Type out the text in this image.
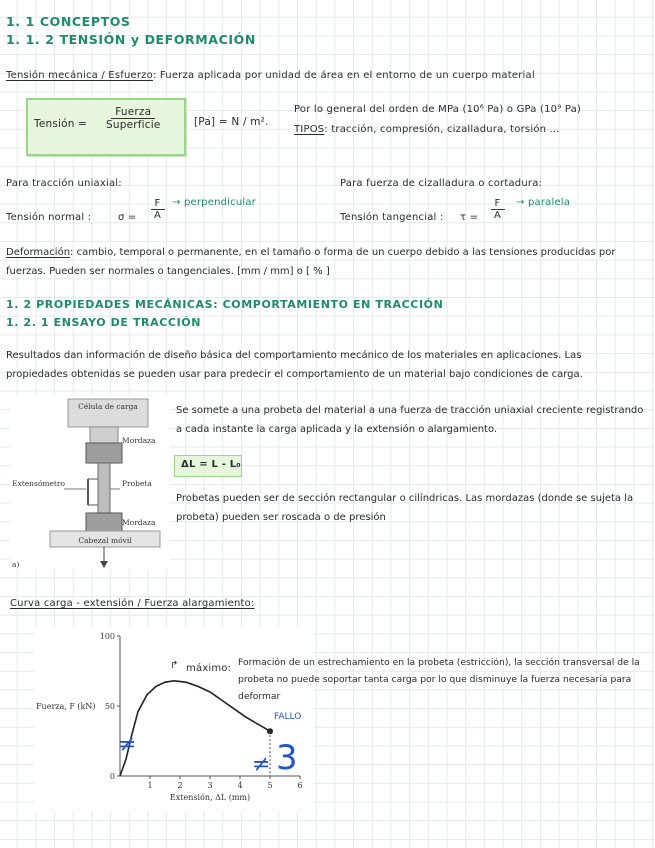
1. 1 CONCEPTOS
1. 1. 2 TENSIÓN y DEFORMACIÓN
Tensión mecánica / Esfuerzo: Fuerza aplicada por unidad de área en el entorno de un cuerpo material
Tensión =
Fuerza
Superficie	[Pa] = N / m².
Por lo general del orden de MPa (10⁶ Pa) o GPa (10⁹ Pa)
TIPOS: tracción, compresión, cizalladura, torsión ...
Para tracción uniaxial:
Tensión normal :	$\sigma = \frac{F}{A}$ → perpendicular
Para fuerza de cizalladura o cortadura:
Tensión tangencial : $\tau = \frac{F}{A}$ → paralela
Deformación: cambio, temporal o permanente, en el tamaño o forma de un cuerpo debido a las tensiones producidas por fuerzas. Pueden ser normales o tangenciales. [mm / mm] o [ % ]
1. 2 PROPIEDADES MECÁNICAS: COMPORTAMIENTO EN TRACCIÓN
1. 2. 1 ENSAYO DE TRACCIÓN
Resultados dan información de diseño básica del comportamiento mecánico de los materiales en aplicaciones. Las propiedades obtenidas se pueden usar para predecir el comportamiento de un material bajo condiciones de carga.
Célula de carga
Mordaza
Extensómetro	Probeta
Mordaza
Cabezal móvil
a)
Se somete a una probeta del material a una fuerza de tracción uniaxial creciente registrando a cada instante la carga aplicada y la extensión o alargamiento.
ΔL = L - L₀
Probetas pueden ser de sección rectangular o cilíndricas. Las mordazas (donde se sujeta la probeta) pueden ser roscada o de presión
Curva carga - extensión / Fuerza alargamiento:
Fuerza, F (kN)
Extensión, ΔL (mm)
0
50
100
1	2	3	4	5	6
FALLO
↱ máximo:
Formación de un estrechamiento en la probeta (estricción), la sección transversal de la probeta no puede soportar tanta carga por lo que disminuye la fuerza necesaria para deformar
≠
≠ 3
